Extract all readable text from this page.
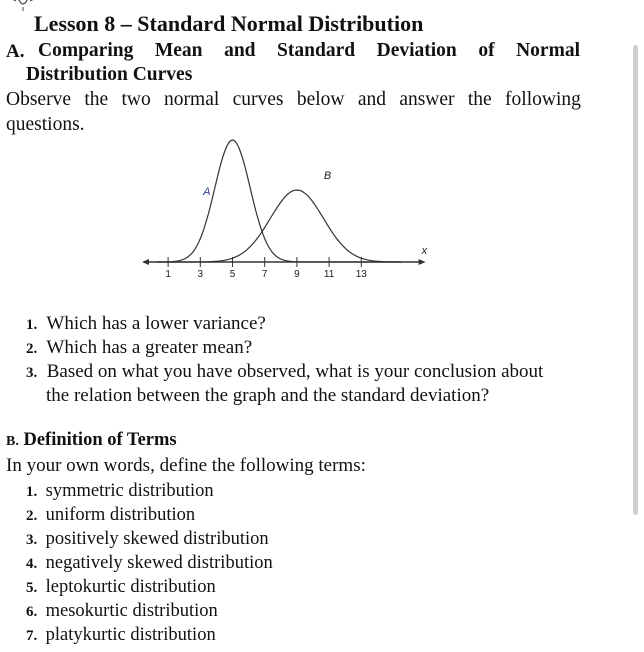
Lesson 8 – Standard Normal Distribution
A. Comparing Mean and Standard Deviation of Normal
Distribution Curves
Observe the two normal curves below and answer the following
questions.
1	3	5	7	9 11 13
x
A
B
1. Which has a lower variance?
2. Which has a greater mean?
3. Based on what you have observed, what is your conclusion about
the relation between the graph and the standard deviation?
B. Definition of Terms
In your own words, define the following terms:
1. symmetric distribution
2. uniform distribution
3. positively skewed distribution
4. negatively skewed distribution
5. leptokurtic distribution
6. mesokurtic distribution
7. platykurtic distribution
